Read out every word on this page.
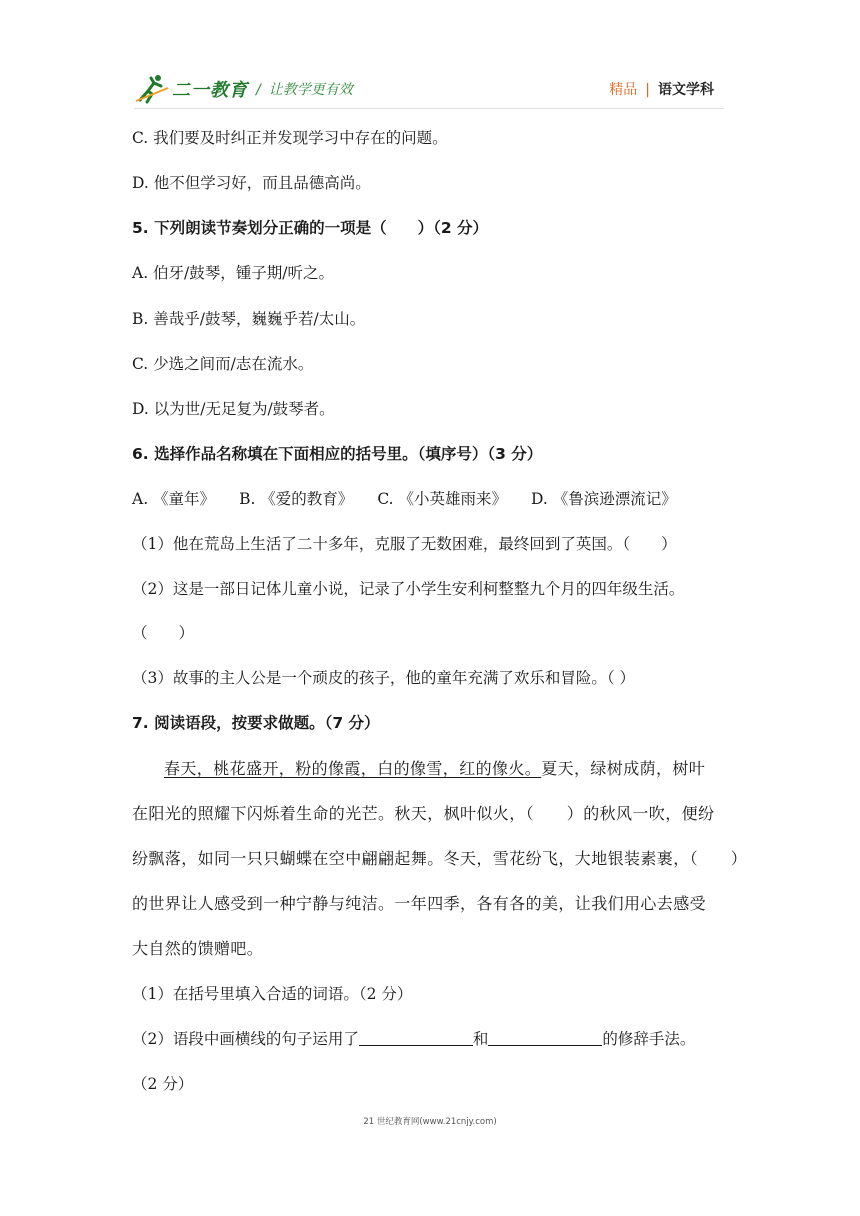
二一教育 / 让教学更有效	精品 | 语文学科
C. 我们要及时纠正并发现学习中存在的问题。
D. 他不但学习好，而且品德高尚。
5. 下列朗读节奏划分正确的一项是（　　）（2 分）
A. 伯牙/鼓琴，锺子期/听之。
B. 善哉乎/鼓琴，巍巍乎若/太山。
C. 少选之间而/志在流水。
D. 以为世/无足复为/鼓琴者。
6. 选择作品名称填在下面相应的括号里。（填序号）（3 分）
A. 《童年》 B. 《爱的教育》 C. 《小英雄雨来》 D. 《鲁滨逊漂流记》
（1）他在荒岛上生活了二十多年，克服了无数困难，最终回到了英国。（　　）
（2）这是一部日记体儿童小说，记录了小学生安利柯整整九个月的四年级生活。
（　　）
（3）故事的主人公是一个顽皮的孩子，他的童年充满了欢乐和冒险。（ ）
7. 阅读语段，按要求做题。（7 分）
春天，桃花盛开，粉的像霞，白的像雪，红的像火。夏天，绿树成荫，树叶
在阳光的照耀下闪烁着生命的光芒。秋天，枫叶似火，（　　）的秋风一吹，便纷
纷飘落，如同一只只蝴蝶在空中翩翩起舞。冬天，雪花纷飞，大地银装素裹，（　　）
的世界让人感受到一种宁静与纯洁。一年四季，各有各的美，让我们用心去感受
大自然的馈赠吧。
（1）在括号里填入合适的词语。（2 分）
（2）语段中画横线的句子运用了	和	的修辞手法。
（2 分）
21 世纪教育网(www.21cnjy.com)
